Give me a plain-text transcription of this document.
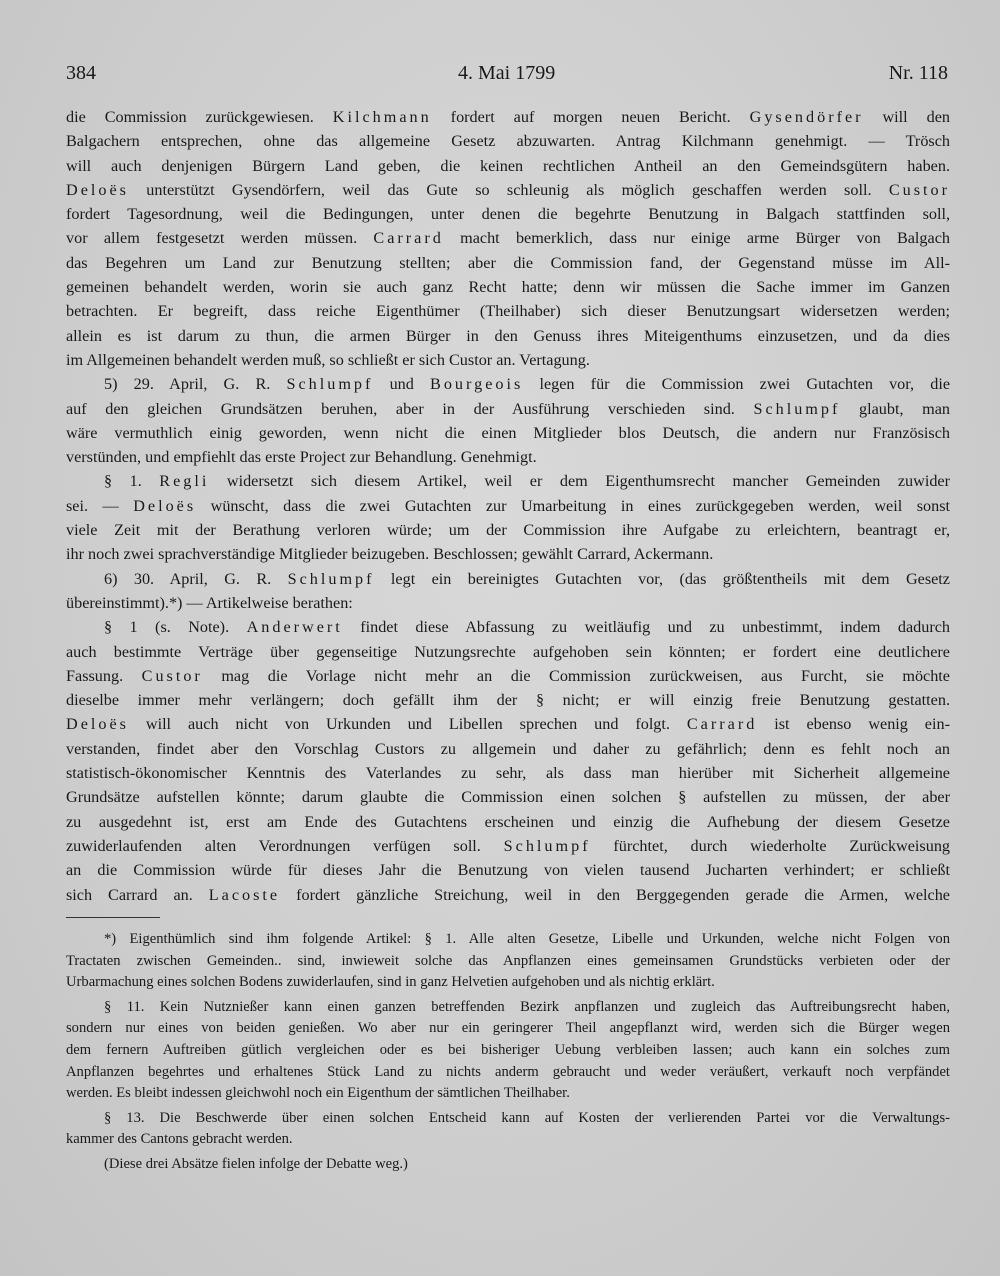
384	4. Mai 1799	Nr. 118
die Commission zurückgewiesen. Kilchmann fordert auf morgen neuen Bericht. Gysendörfer will den
Balgachern entsprechen, ohne das allgemeine Gesetz abzuwarten. Antrag Kilchmann genehmigt. — Trösch
will auch denjenigen Bürgern Land geben, die keinen rechtlichen Antheil an den Gemeindsgütern haben.
Deloës unterstützt Gysendörfern, weil das Gute so schleunig als möglich geschaffen werden soll. Custor
fordert Tagesordnung, weil die Bedingungen, unter denen die begehrte Benutzung in Balgach stattfinden soll,
vor allem festgesetzt werden müssen. Carrard macht bemerklich, dass nur einige arme Bürger von Balgach
das Begehren um Land zur Benutzung stellten; aber die Commission fand, der Gegenstand müsse im All-
gemeinen behandelt werden, worin sie auch ganz Recht hatte; denn wir müssen die Sache immer im Ganzen
betrachten. Er begreift, dass reiche Eigenthümer (Theilhaber) sich dieser Benutzungsart widersetzen werden;
allein es ist darum zu thun, die armen Bürger in den Genuss ihres Miteigenthums einzusetzen, und da dies
im Allgemeinen behandelt werden muß, so schließt er sich Custor an. Vertagung.
5) 29. April, G. R. Schlumpf und Bourgeois legen für die Commission zwei Gutachten vor, die
auf den gleichen Grundsätzen beruhen, aber in der Ausführung verschieden sind. Schlumpf glaubt, man
wäre vermuthlich einig geworden, wenn nicht die einen Mitglieder blos Deutsch, die andern nur Französisch
verstünden, und empfiehlt das erste Project zur Behandlung. Genehmigt.
§ 1. Regli widersetzt sich diesem Artikel, weil er dem Eigenthumsrecht mancher Gemeinden zuwider
sei. — Deloës wünscht, dass die zwei Gutachten zur Umarbeitung in eines zurückgegeben werden, weil sonst
viele Zeit mit der Berathung verloren würde; um der Commission ihre Aufgabe zu erleichtern, beantragt er,
ihr noch zwei sprachverständige Mitglieder beizugeben. Beschlossen; gewählt Carrard, Ackermann.
6) 30. April, G. R. Schlumpf legt ein bereinigtes Gutachten vor, (das größtentheils mit dem Gesetz
übereinstimmt).*) — Artikelweise berathen:
§ 1 (s. Note). Anderwert findet diese Abfassung zu weitläufig und zu unbestimmt, indem dadurch
auch bestimmte Verträge über gegenseitige Nutzungsrechte aufgehoben sein könnten; er fordert eine deutlichere
Fassung. Custor mag die Vorlage nicht mehr an die Commission zurückweisen, aus Furcht, sie möchte
dieselbe immer mehr verlängern; doch gefällt ihm der § nicht; er will einzig freie Benutzung gestatten.
Deloës will auch nicht von Urkunden und Libellen sprechen und folgt. Carrard ist ebenso wenig ein-
verstanden, findet aber den Vorschlag Custors zu allgemein und daher zu gefährlich; denn es fehlt noch an
statistisch-ökonomischer Kenntnis des Vaterlandes zu sehr, als dass man hierüber mit Sicherheit allgemeine
Grundsätze aufstellen könnte; darum glaubte die Commission einen solchen § aufstellen zu müssen, der aber
zu ausgedehnt ist, erst am Ende des Gutachtens erscheinen und einzig die Aufhebung der diesem Gesetze
zuwiderlaufenden alten Verordnungen verfügen soll. Schlumpf fürchtet, durch wiederholte Zurückweisung
an die Commission würde für dieses Jahr die Benutzung von vielen tausend Jucharten verhindert; er schließt
sich Carrard an. Lacoste fordert gänzliche Streichung, weil in den Berggegenden gerade die Armen, welche
*) Eigenthümlich sind ihm folgende Artikel: § 1. Alle alten Gesetze, Libelle und Urkunden, welche nicht Folgen von
Tractaten zwischen Gemeinden.. sind, inwieweit solche das Anpflanzen eines gemeinsamen Grundstücks verbieten oder der
Urbarmachung eines solchen Bodens zuwiderlaufen, sind in ganz Helvetien aufgehoben und als nichtig erklärt.
§ 11. Kein Nutznießer kann einen ganzen betreffenden Bezirk anpflanzen und zugleich das Auftreibungsrecht haben,
sondern nur eines von beiden genießen. Wo aber nur ein geringerer Theil angepflanzt wird, werden sich die Bürger wegen
dem fernern Auftreiben gütlich vergleichen oder es bei bisheriger Uebung verbleiben lassen; auch kann ein solches zum
Anpflanzen begehrtes und erhaltenes Stück Land zu nichts anderm gebraucht und weder veräußert, verkauft noch verpfändet
werden. Es bleibt indessen gleichwohl noch ein Eigenthum der sämtlichen Theilhaber.
§ 13. Die Beschwerde über einen solchen Entscheid kann auf Kosten der verlierenden Partei vor die Verwaltungs-
kammer des Cantons gebracht werden.
(Diese drei Absätze fielen infolge der Debatte weg.)
